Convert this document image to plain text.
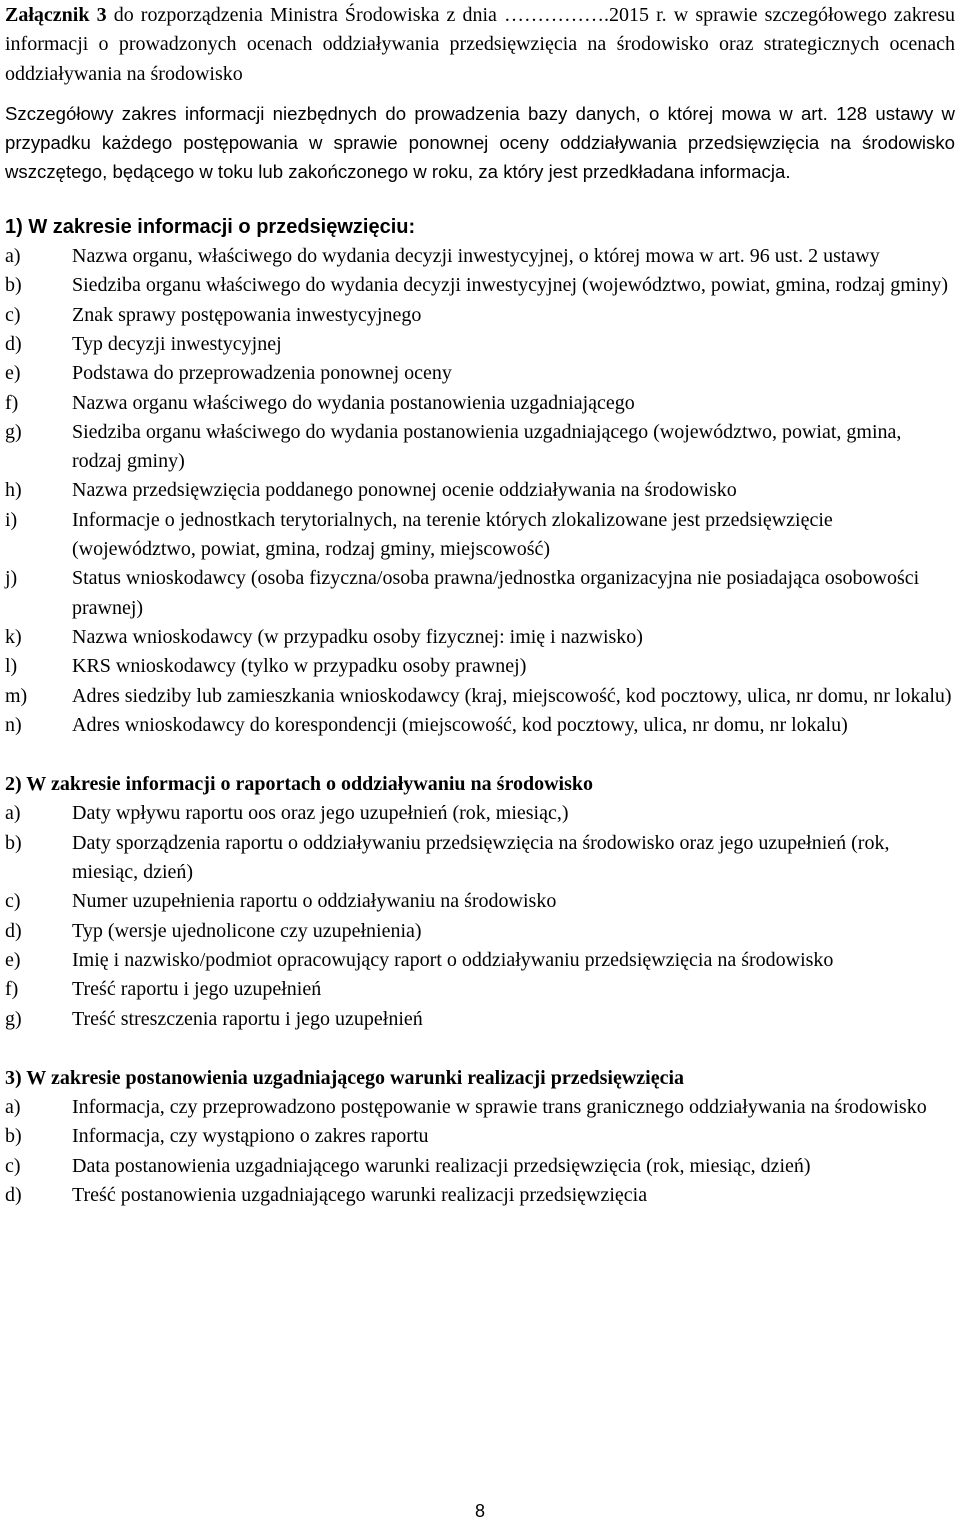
Załącznik 3 do rozporządzenia Ministra Środowiska z dnia …………….2015 r. w sprawie szczegółowego zakresu informacji o prowadzonych ocenach oddziaływania przedsięwzięcia na środowisko oraz strategicznych ocenach oddziaływania na środowisko

Szczegółowy zakres informacji niezbędnych do prowadzenia bazy danych, o której mowa w art. 128 ustawy w przypadku każdego postępowania w sprawie ponownej oceny oddziaływania przedsięwzięcia na środowisko wszczętego, będącego w toku lub zakończonego w roku, za który jest przedkładana informacja.

1) W zakresie informacji o przedsięwzięciu:

a)	Nazwa organu, właściwego do wydania decyzji inwestycyjnej, o której mowa w art. 96 ust. 2 ustawy
b)	Siedziba organu właściwego do wydania decyzji inwestycyjnej (województwo, powiat, gmina, rodzaj gminy)
c)	Znak sprawy postępowania inwestycyjnego
d)	Typ decyzji inwestycyjnej
e)	Podstawa do przeprowadzenia ponownej oceny
f)	Nazwa organu właściwego do wydania postanowienia uzgadniającego
g)	Siedziba organu właściwego do wydania postanowienia uzgadniającego (województwo, powiat, gmina, rodzaj gminy)
h)	Nazwa przedsięwzięcia poddanego ponownej ocenie oddziaływania na środowisko
i)	Informacje o jednostkach terytorialnych, na terenie których zlokalizowane jest przedsięwzięcie (województwo, powiat, gmina, rodzaj gminy, miejscowość)
j)	Status wnioskodawcy (osoba fizyczna/osoba prawna/jednostka organizacyjna nie posiadająca osobowości prawnej)
k)	Nazwa wnioskodawcy (w przypadku osoby fizycznej: imię i nazwisko)
l)	KRS wnioskodawcy (tylko w przypadku osoby prawnej)
m) Adres siedziby lub zamieszkania wnioskodawcy (kraj, miejscowość, kod pocztowy, ulica, nr domu, nr lokalu)
n)	Adres wnioskodawcy do korespondencji (miejscowość, kod pocztowy, ulica, nr domu, nr lokalu)

2) W zakresie informacji o raportach o oddziaływaniu na środowisko

a)	Daty wpływu raportu oos oraz jego uzupełnień (rok, miesiąc,)
b)	Daty sporządzenia raportu o oddziaływaniu przedsięwzięcia na środowisko oraz jego uzupełnień (rok, miesiąc, dzień)
c)	Numer uzupełnienia raportu o oddziaływaniu na środowisko
d)	Typ (wersje ujednolicone czy uzupełnienia)
e)	Imię i nazwisko/podmiot opracowujący raport o oddziaływaniu przedsięwzięcia na środowisko
f)	Treść raportu i jego uzupełnień
g)	Treść streszczenia raportu i jego uzupełnień

3) W zakresie postanowienia uzgadniającego warunki realizacji przedsięwzięcia

a)	Informacja, czy przeprowadzono postępowanie w sprawie trans granicznego oddziaływania na środowisko
b)	Informacja, czy wystąpiono o zakres raportu
c)	Data postanowienia uzgadniającego warunki realizacji przedsięwzięcia (rok, miesiąc, dzień)
d)	Treść postanowienia uzgadniającego warunki realizacji przedsięwzięcia
8
